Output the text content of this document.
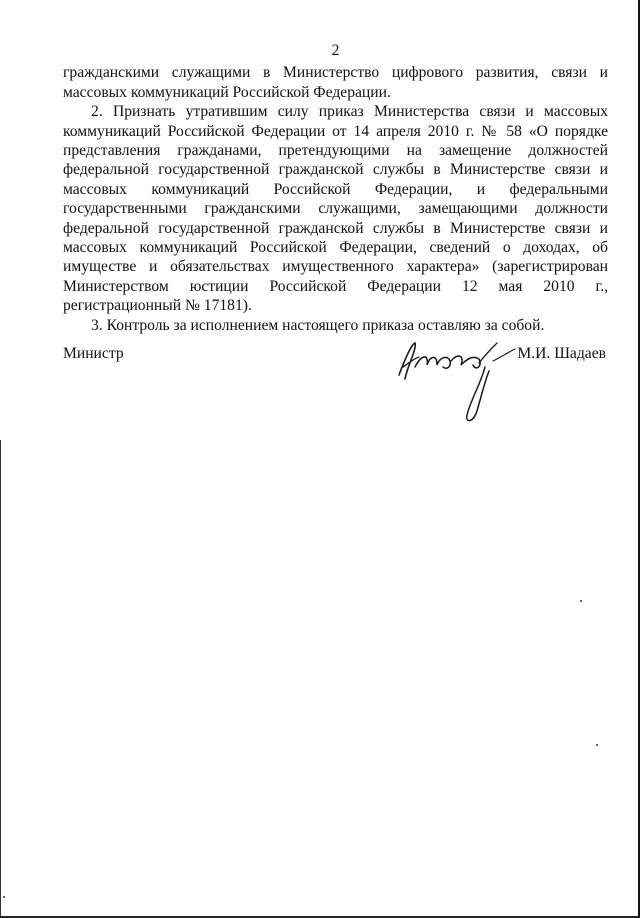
2

гражданскими служащими в Министерство цифрового развития, связи и массовых коммуникаций Российской Федерации.

2. Признать утратившим силу приказ Министерства связи и массовых коммуникаций Российской Федерации от 14 апреля 2010 г. № 58 «О порядке представления гражданами, претендующими на замещение должностей федеральной государственной гражданской службы в Министерстве связи и массовых коммуникаций Российской Федерации, и федеральными государственными гражданскими служащими, замещающими должности федеральной государственной гражданской службы в Министерстве связи и массовых коммуникаций Российской Федерации, сведений о доходах, об имуществе и обязательствах имущественного характера» (зарегистрирован Министерством юстиции Российской Федерации 12 мая 2010 г., регистрационный № 17181).

3. Контроль за исполнением настоящего приказа оставляю за собой.

Министр	М.И. Шадаев
